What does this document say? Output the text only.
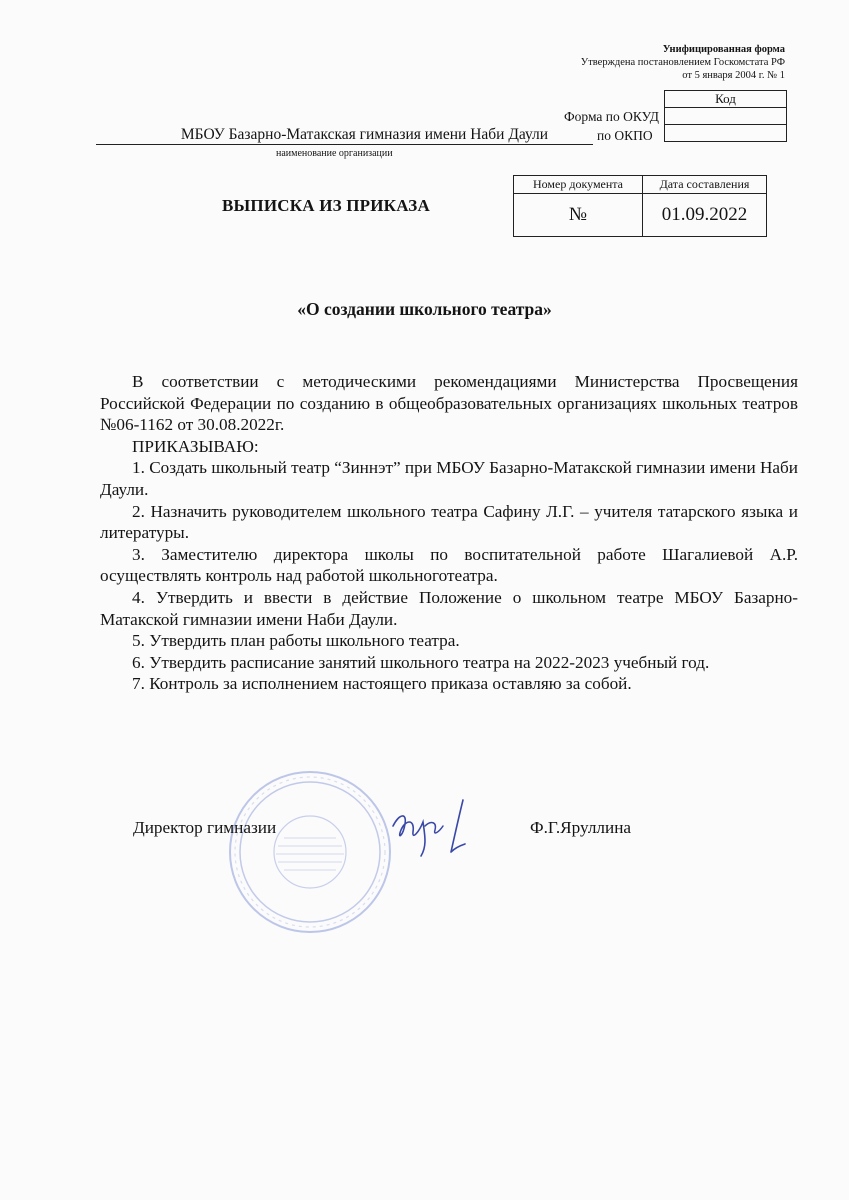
Унифицированная форма
Утверждена постановлением Госкомстата РФ
от 5 января 2004 г. № 1
Код

Форма по ОКУД
по ОКПО
МБОУ Базарно-Матакская гимназия имени Наби Даули
наименование организации
ВЫПИСКА ИЗ ПРИКАЗА
Номер документа	Дата составления
№	01.09.2022
«О создании школьного театра»

В соответствии с методическими рекомендациями Министерства Просвещения Российской Федерации по созданию в общеобразовательных организациях школьных театров №06-1162 от 30.08.2022г.

ПРИКАЗЫВАЮ:

1. Создать школьный театр “Зиннэт” при МБОУ Базарно-Матакской гимназии имени Наби Даули.

2. Назначить руководителем школьного театра Сафину Л.Г. – учителя татарского языка и литературы.

3. Заместителю директора школы по воспитательной работе Шагалиевой А.Р. осуществлять контроль над работой школьноготеатра.

4. Утвердить и ввести в действие Положение о школьном театре МБОУ Базарно-Матакской гимназии имени Наби Даули.

5. Утвердить план работы школьного театра.

6. Утвердить расписание занятий школьного театра на 2022-2023 учебный год.

7. Контроль за исполнением настоящего приказа оставляю за собой.

Директор гимназии	Ф.Г.Яруллина
